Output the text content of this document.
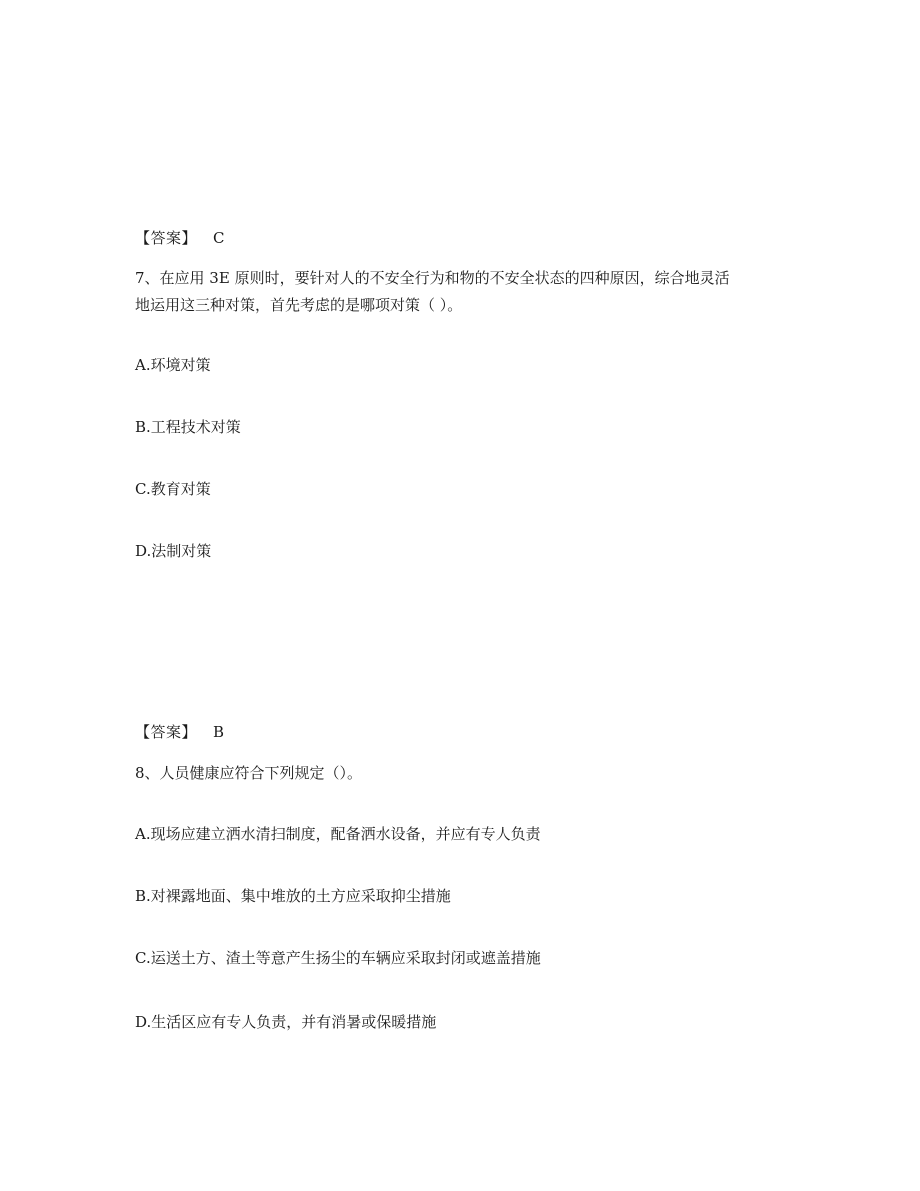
【答案】 C
7、在应用 3E 原则时，要针对人的不安全行为和物的不安全状态的四种原因，综合地灵活
地运用这三种对策，首先考虑的是哪项对策（ ）。
A.环境对策
B.工程技术对策
C.教育对策
D.法制对策
【答案】 B
8、人员健康应符合下列规定（）。
A.现场应建立洒水清扫制度，配备洒水设备，并应有专人负责
B.对裸露地面、集中堆放的土方应采取抑尘措施
C.运送土方、渣土等意产生扬尘的车辆应采取封闭或遮盖措施
D.生活区应有专人负责，并有消暑或保暖措施
